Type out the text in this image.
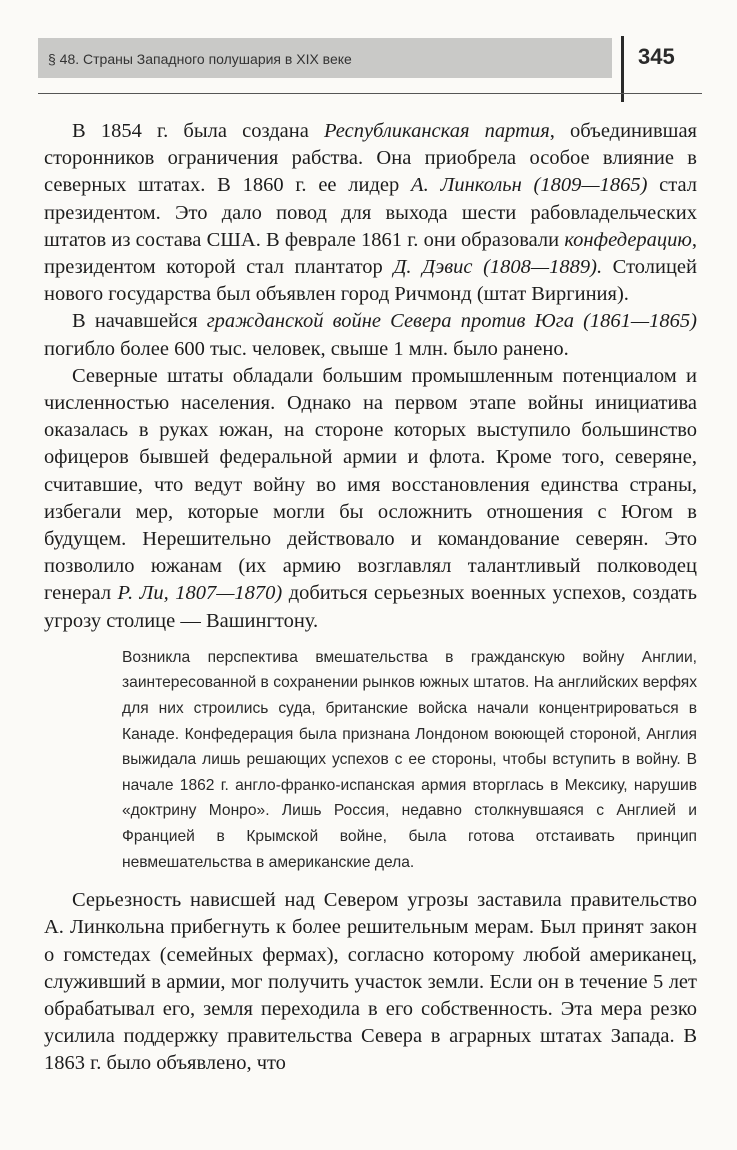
§ 48. Страны Западного полушария в XIX веке	345

В 1854 г. была создана Республиканская партия, объединившая сторонников ограничения рабства. Она приобрела особое влияние в северных штатах. В 1860 г. ее лидер А. Линкольн (1809—1865) стал президентом. Это дало повод для выхода шести рабовладельческих штатов из состава США. В феврале 1861 г. они образовали конфедерацию, президентом которой стал плантатор Д. Дэвис (1808—1889). Столицей нового государства был объявлен город Ричмонд (штат Виргиния).

В начавшейся гражданской войне Севера против Юга (1861—1865) погибло более 600 тыс. человек, свыше 1 млн. было ранено.

Северные штаты обладали большим промышленным потенциалом и численностью населения. Однако на первом этапе войны инициатива оказалась в руках южан, на стороне которых выступило большинство офицеров бывшей федеральной армии и флота. Кроме того, северяне, считавшие, что ведут войну во имя восстановления единства страны, избегали мер, которые могли бы осложнить отношения с Югом в будущем. Нерешительно действовало и командование северян. Это позволило южанам (их армию возглавлял талантливый полководец генерал Р. Ли, 1807—1870) добиться серьезных военных успехов, создать угрозу столице — Вашингтону.

Возникла перспектива вмешательства в гражданскую войну Англии, заинтересованной в сохранении рынков южных штатов. На английских верфях для них строились суда, британские войска начали концентрироваться в Канаде. Конфедерация была признана Лондоном воюющей стороной, Англия выжидала лишь решающих успехов с ее стороны, чтобы вступить в войну. В начале 1862 г. англо-франко-испанская армия вторглась в Мексику, нарушив «доктрину Монро». Лишь Россия, недавно столкнувшаяся с Англией и Францией в Крымской войне, была готова отстаивать принцип невмешательства в американские дела.

Серьезность нависшей над Севером угрозы заставила правительство А. Линкольна прибегнуть к более решительным мерам. Был принят закон о гомстедах (семейных фермах), согласно которому любой американец, служивший в армии, мог получить участок земли. Если он в течение 5 лет обрабатывал его, земля переходила в его собственность. Эта мера резко усилила поддержку правительства Севера в аграрных штатах Запада. В 1863 г. было объявлено, что
